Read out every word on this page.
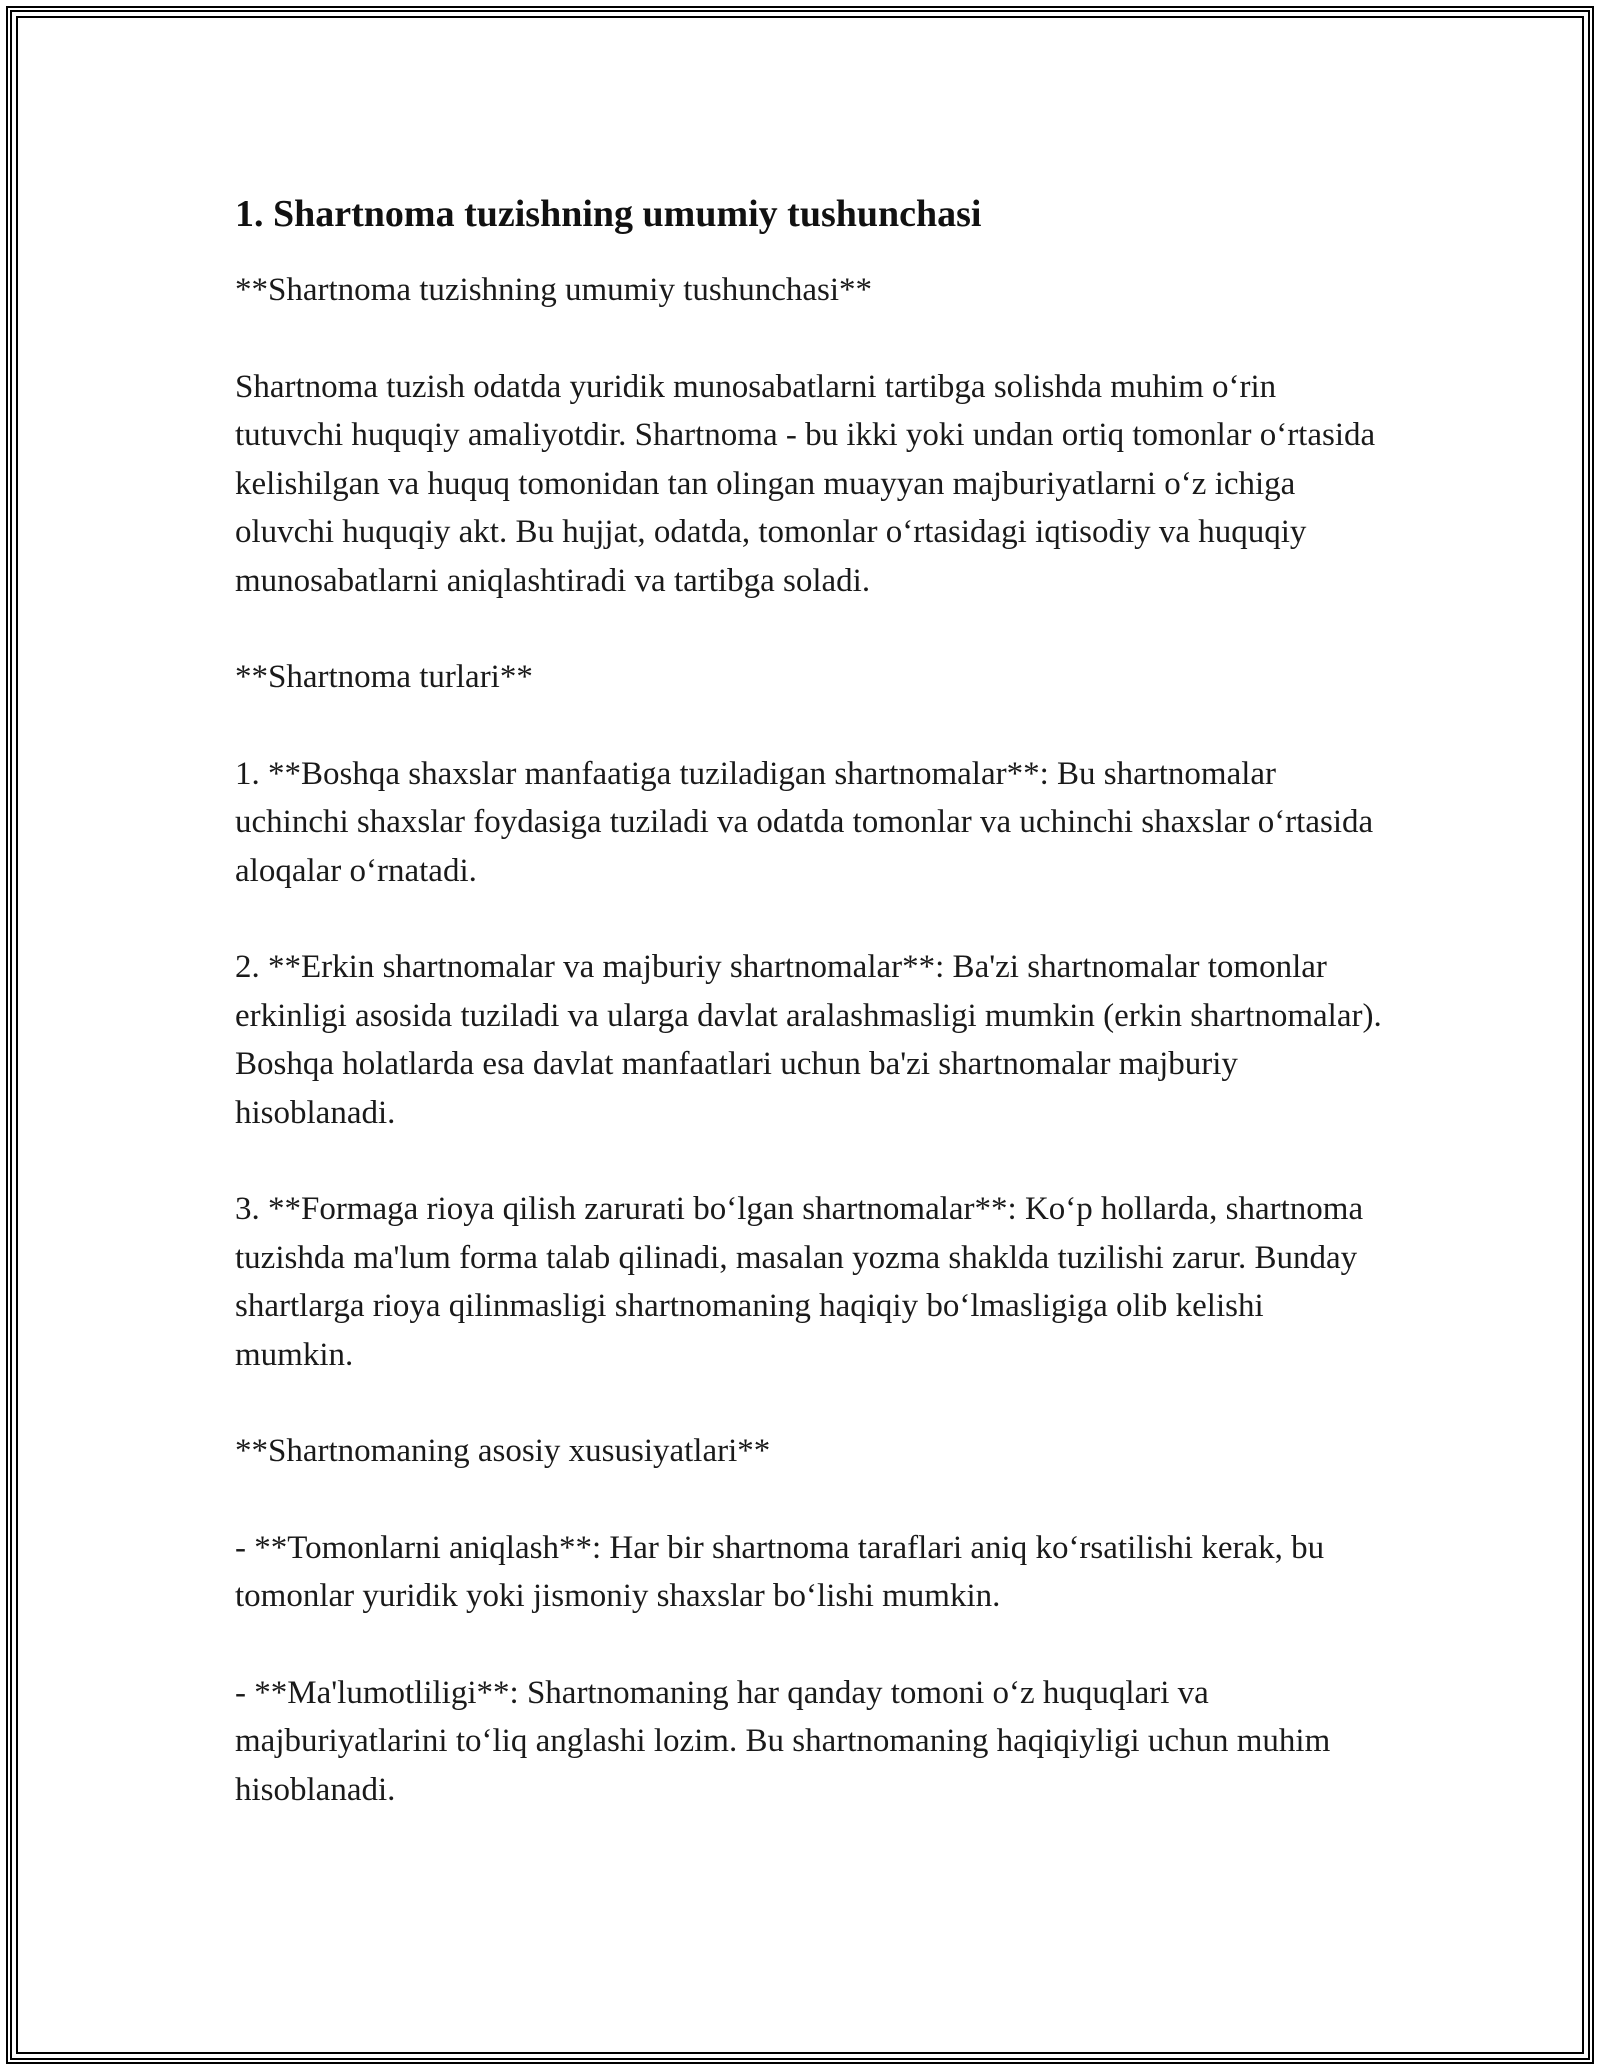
1. Shartnoma tuzishning umumiy tushunchasi

**Shartnoma tuzishning umumiy tushunchasi**

Shartnoma tuzish odatda yuridik munosabatlarni tartibga solishda muhim o‘rin tutuvchi huquqiy amaliyotdir. Shartnoma - bu ikki yoki undan ortiq tomonlar o‘rtasida kelishilgan va huquq tomonidan tan olingan muayyan majburiyatlarni o‘z ichiga oluvchi huquqiy akt. Bu hujjat, odatda, tomonlar o‘rtasidagi iqtisodiy va huquqiy munosabatlarni aniqlashtiradi va tartibga soladi.

**Shartnoma turlari**

1. **Boshqa shaxslar manfaatiga tuziladigan shartnomalar**: Bu shartnomalar uchinchi shaxslar foydasiga tuziladi va odatda tomonlar va uchinchi shaxslar o‘rtasida aloqalar o‘rnatadi.

2. **Erkin shartnomalar va majburiy shartnomalar**: Ba'zi shartnomalar tomonlar erkinligi asosida tuziladi va ularga davlat aralashmasligi mumkin (erkin shartnomalar). Boshqa holatlarda esa davlat manfaatlari uchun ba'zi shartnomalar majburiy hisoblanadi.

3. **Formaga rioya qilish zarurati bo‘lgan shartnomalar**: Ko‘p hollarda, shartnoma tuzishda ma'lum forma talab qilinadi, masalan yozma shaklda tuzilishi zarur. Bunday shartlarga rioya qilinmasligi shartnomaning haqiqiy bo‘lmasligiga olib kelishi mumkin.

**Shartnomaning asosiy xususiyatlari**

- **Tomonlarni aniqlash**: Har bir shartnoma taraflari aniq ko‘rsatilishi kerak, bu tomonlar yuridik yoki jismoniy shaxslar bo‘lishi mumkin.

- **Ma'lumotliligi**: Shartnomaning har qanday tomoni o‘z huquqlari va majburiyatlarini to‘liq anglashi lozim. Bu shartnomaning haqiqiyligi uchun muhim hisoblanadi.
